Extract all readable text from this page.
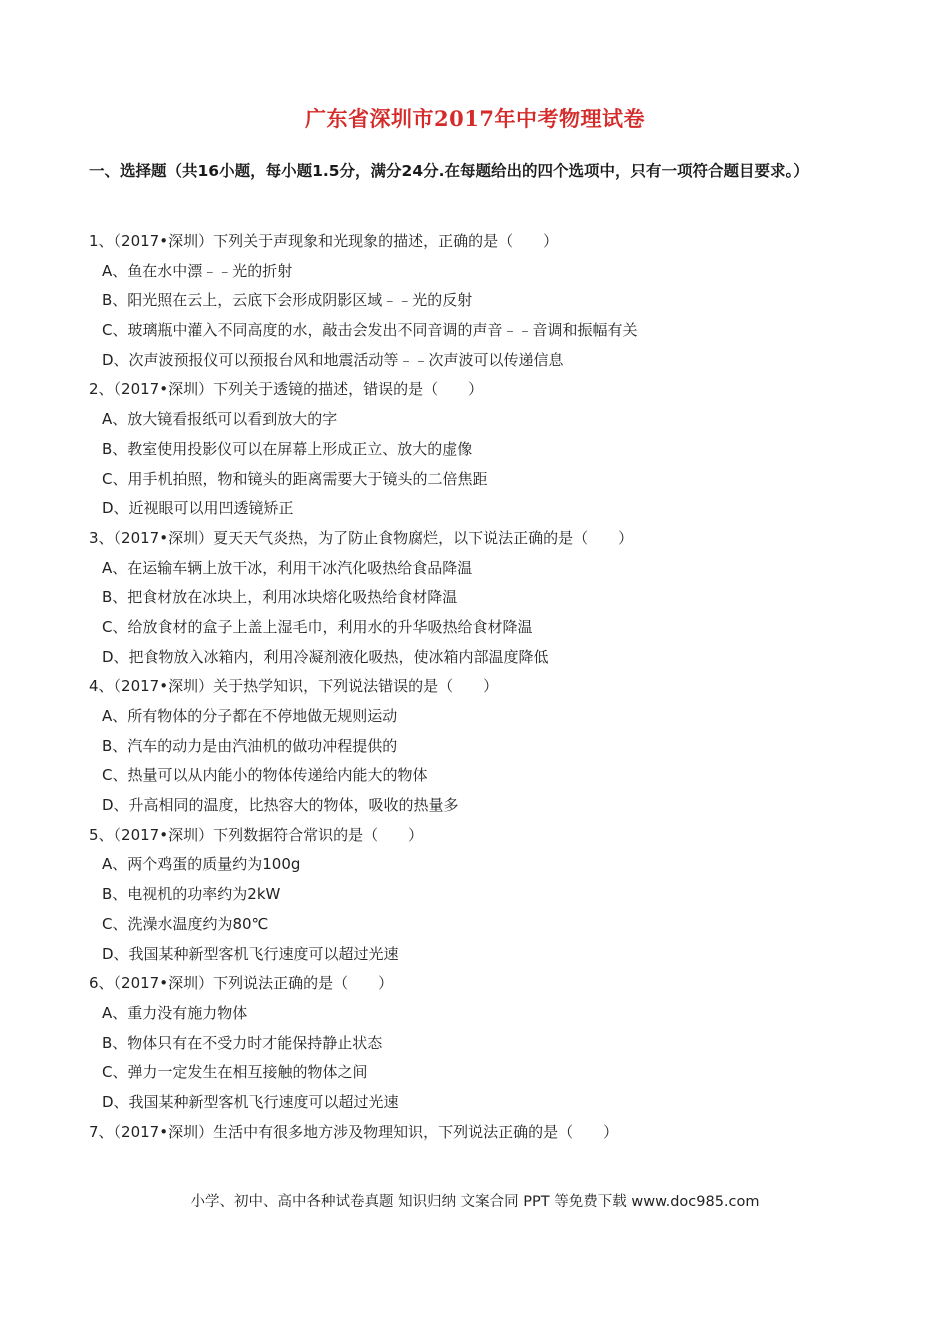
广东省深圳市2017年中考物理试卷
一、选择题（共16小题，每小题1.5分，满分24分.在每题给出的四个选项中，只有一项符合题目要求。）
1、（2017•深圳）下列关于声现象和光现象的描述，正确的是（　　）
A、鱼在水中漂﹣﹣光的折射
B、阳光照在云上，云底下会形成阴影区域﹣﹣光的反射
C、玻璃瓶中灌入不同高度的水，敲击会发出不同音调的声音﹣﹣音调和振幅有关
D、次声波预报仪可以预报台风和地震活动等﹣﹣次声波可以传递信息
2、（2017•深圳）下列关于透镜的描述，错误的是（　　）
A、放大镜看报纸可以看到放大的字
B、教室使用投影仪可以在屏幕上形成正立、放大的虚像
C、用手机拍照，物和镜头的距离需要大于镜头的二倍焦距
D、近视眼可以用凹透镜矫正
3、（2017•深圳）夏天天气炎热，为了防止食物腐烂，以下说法正确的是（　　）
A、在运输车辆上放干冰，利用干冰汽化吸热给食品降温
B、把食材放在冰块上，利用冰块熔化吸热给食材降温
C、给放食材的盒子上盖上湿毛巾，利用水的升华吸热给食材降温
D、把食物放入冰箱内，利用冷凝剂液化吸热，使冰箱内部温度降低
4、（2017•深圳）关于热学知识，下列说法错误的是（　　）
A、所有物体的分子都在不停地做无规则运动
B、汽车的动力是由汽油机的做功冲程提供的
C、热量可以从内能小的物体传递给内能大的物体
D、升高相同的温度，比热容大的物体，吸收的热量多
5、（2017•深圳）下列数据符合常识的是（　　）
A、两个鸡蛋的质量约为100g
B、电视机的功率约为2kW
C、洗澡水温度约为80℃
D、我国某种新型客机飞行速度可以超过光速
6、（2017•深圳）下列说法正确的是（　　）
A、重力没有施力物体
B、物体只有在不受力时才能保持静止状态
C、弹力一定发生在相互接触的物体之间
D、我国某种新型客机飞行速度可以超过光速
7、（2017•深圳）生活中有很多地方涉及物理知识，下列说法正确的是（　　）
小学、初中、高中各种试卷真题 知识归纳 文案合同 PPT 等免费下载 www.doc985.com
